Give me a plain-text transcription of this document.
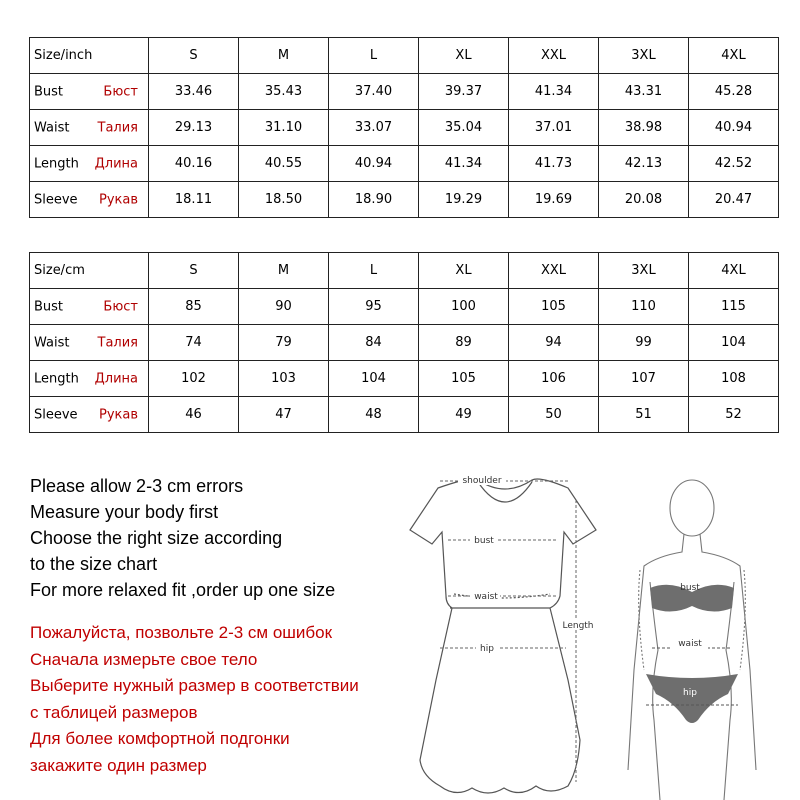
Size/inch	S	M	L	XL	XXL	3XL	4XL

Bust Бюст	33.46	35.43	37.40	39.37	41.34	43.31	45.28

Waist Талия	29.13	31.10	33.07	35.04	37.01	38.98	40.94

Length Длина	40.16	40.55	40.94	41.34	41.73	42.13	42.52

Sleeve Рукав	18.11	18.50	18.90	19.29	19.69	20.08	20.47
Size/cm	S	M	L	XL	XXL	3XL	4XL

Bust Бюст	85	90	95	100	105	110	115

Waist Талия	74	79	84	89	94	99	104

Length Длина	102	103	104	105	106	107	108

Sleeve Рукав	46	47	48	49	50	51	52
Please allow 2-3 cm errors
Measure your body first
Choose the right size according
to the size chart
For more relaxed fit ,order up one size
Пожалуйста, позвольте 2-3 см ошибок
Сначала измерьте свое тело
Выберите нужный размер в соответствии
с таблицей размеров
Для более комфортной подгонки
закажите один размер
shoulder
bust
waist
hip
Length
bust
waist
hip
